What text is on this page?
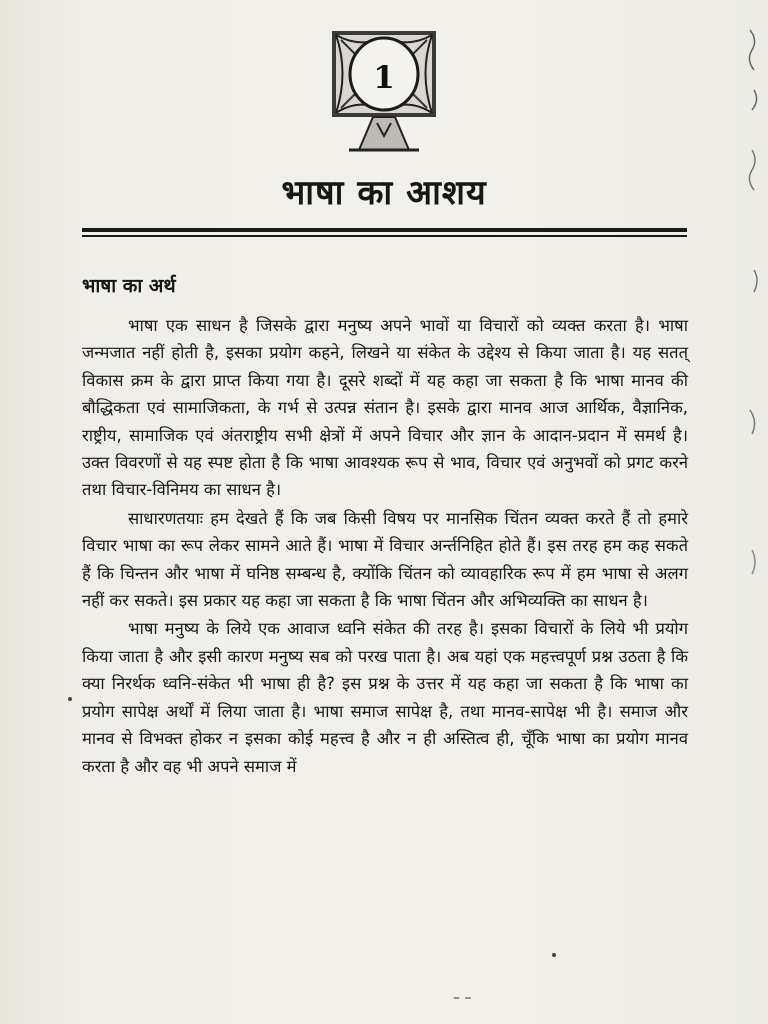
1
भाषा का आशय
भाषा का अर्थ

भाषा एक साधन है जिसके द्वारा मनुष्य अपने भावों या विचारों को व्यक्त करता है। भाषा जन्मजात नहीं होती है, इसका प्रयोग कहने, लिखने या संकेत के उद्देश्य से किया जाता है। यह सतत् विकास क्रम के द्वारा प्राप्त किया गया है। दूसरे शब्दों में यह कहा जा सकता है कि भाषा मानव की बौद्धिकता एवं सामाजिकता, के गर्भ से उत्पन्न संतान है। इसके द्वारा मानव आज आर्थिक, वैज्ञानिक, राष्ट्रीय, सामाजिक एवं अंतराष्ट्रीय सभी क्षेत्रों में अपने विचार और ज्ञान के आदान-प्रदान में समर्थ है। उक्त विवरणों से यह स्पष्ट होता है कि भाषा आवश्यक रूप से भाव, विचार एवं अनुभवों को प्रगट करने तथा विचार-विनिमय का साधन है।

साधारणतयाः हम देखते हैं कि जब किसी विषय पर मानसिक चिंतन व्यक्त करते हैं तो हमारे विचार भाषा का रूप लेकर सामने आते हैं। भाषा में विचार अर्न्तनिहित होते हैं। इस तरह हम कह सकते हैं कि चिन्तन और भाषा में घनिष्ठ सम्बन्ध है, क्योंकि चिंतन को व्यावहारिक रूप में हम भाषा से अलग नहीं कर सकते। इस प्रकार यह कहा जा सकता है कि भाषा चिंतन और अभिव्यक्ति का साधन है।

भाषा मनुष्य के लिये एक आवाज ध्वनि संकेत की तरह है। इसका विचारों के लिये भी प्रयोग किया जाता है और इसी कारण मनुष्य सब को परख पाता है। अब यहां एक महत्त्वपूर्ण प्रश्न उठता है कि क्या निरर्थक ध्वनि-संकेत भी भाषा ही है? इस प्रश्न के उत्तर में यह कहा जा सकता है कि भाषा का प्रयोग सापेक्ष अर्थों में लिया जाता है। भाषा समाज सापेक्ष है, तथा मानव-सापेक्ष भी है। समाज और मानव से विभक्त होकर न इसका कोई महत्त्व है और न ही अस्तित्व ही, चूँकि भाषा का प्रयोग मानव करता है और वह भी अपने समाज में

– –
